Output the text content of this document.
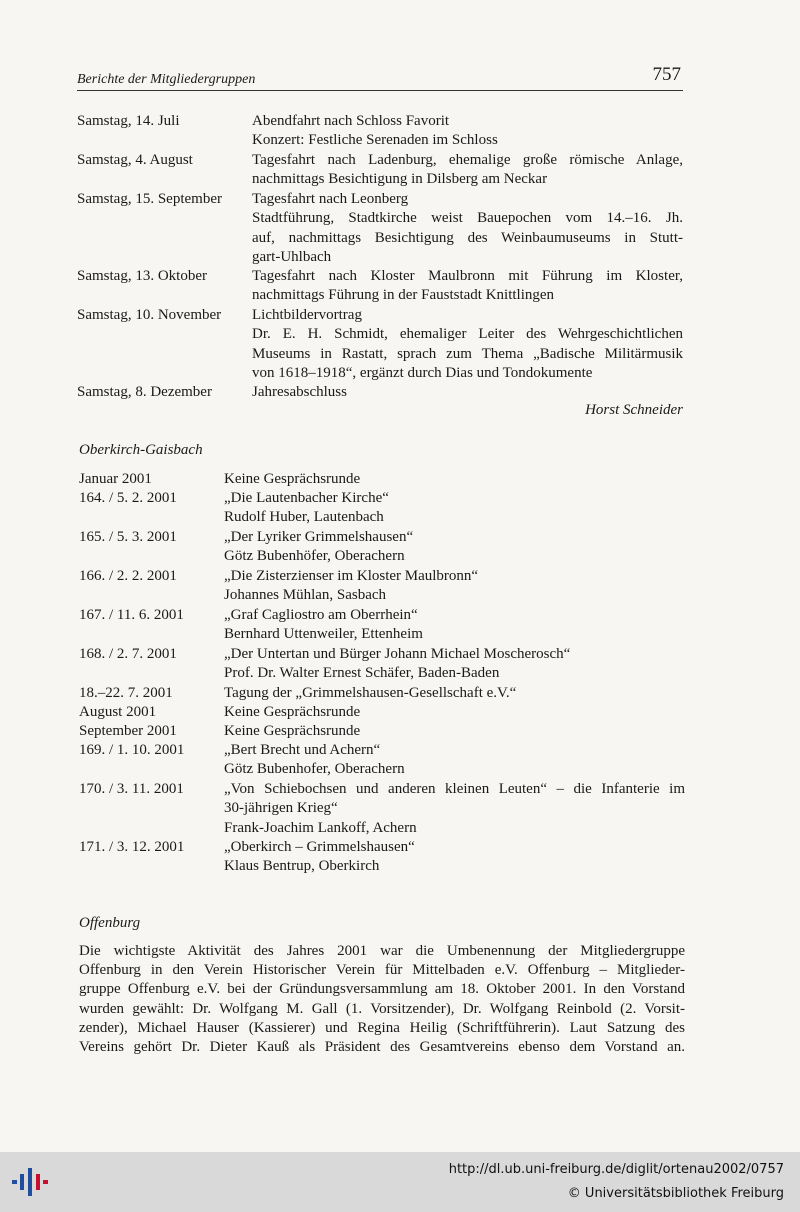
Berichte der Mitgliedergruppen	757
Samstag, 14. Juli	Abendfahrt nach Schloss Favorit
Konzert: Festliche Serenaden im Schloss
Samstag, 4. August	Tagesfahrt nach Ladenburg, ehemalige große römische Anlage,
nachmittags Besichtigung in Dilsberg am Neckar
Samstag, 15. September Tagesfahrt nach Leonberg
Stadtführung, Stadtkirche weist Bauepochen vom 14.–16. Jh.
auf, nachmittags Besichtigung des Weinbaumuseums in Stutt-
gart-Uhlbach
Samstag, 13. Oktober	Tagesfahrt nach Kloster Maulbronn mit Führung im Kloster,
nachmittags Führung in der Fauststadt Knittlingen
Samstag, 10. November Lichtbildervortrag
Dr. E. H. Schmidt, ehemaliger Leiter des Wehrgeschichtlichen
Museums in Rastatt, sprach zum Thema „Badische Militärmusik
von 1618–1918“, ergänzt durch Dias und Tondokumente
Samstag, 8. Dezember	Jahresabschluss
Horst Schneider
Oberkirch-Gaisbach
Januar 2001	Keine Gesprächsrunde
164. / 5. 2. 2001	„Die Lautenbacher Kirche“
Rudolf Huber, Lautenbach
165. / 5. 3. 2001	„Der Lyriker Grimmelshausen“
Götz Bubenhöfer, Oberachern
166. / 2. 2. 2001	„Die Zisterzienser im Kloster Maulbronn“
Johannes Mühlan, Sasbach
167. / 11. 6. 2001	„Graf Cagliostro am Oberrhein“
Bernhard Uttenweiler, Ettenheim
168. / 2. 7. 2001	„Der Untertan und Bürger Johann Michael Moscherosch“
Prof. Dr. Walter Ernest Schäfer, Baden-Baden
18.–22. 7. 2001	Tagung der „Grimmelshausen-Gesellschaft e.V.“
August 2001	Keine Gesprächsrunde
September 2001	Keine Gesprächsrunde
169. / 1. 10. 2001	„Bert Brecht und Achern“
Götz Bubenhofer, Oberachern
170. / 3. 11. 2001	„Von Schiebochsen und anderen kleinen Leuten“ – die Infanterie im
30-jährigen Krieg“
Frank-Joachim Lankoff, Achern
171. / 3. 12. 2001	„Oberkirch – Grimmelshausen“
Klaus Bentrup, Oberkirch
Offenburg
Die wichtigste Aktivität des Jahres 2001 war die Umbenennung der Mitgliedergruppe
Offenburg in den Verein Historischer Verein für Mittelbaden e.V. Offenburg – Mitglieder-
gruppe Offenburg e.V. bei der Gründungsversammlung am 18. Oktober 2001. In den Vorstand
wurden gewählt: Dr. Wolfgang M. Gall (1. Vorsitzender), Dr. Wolfgang Reinbold (2. Vorsit-
zender), Michael Hauser (Kassierer) und Regina Heilig (Schriftführerin). Laut Satzung des
Vereins gehört Dr. Dieter Kauß als Präsident des Gesamtvereins ebenso dem Vorstand an.
http://dl.ub.uni-freiburg.de/diglit/ortenau2002/0757
© Universitätsbibliothek Freiburg
